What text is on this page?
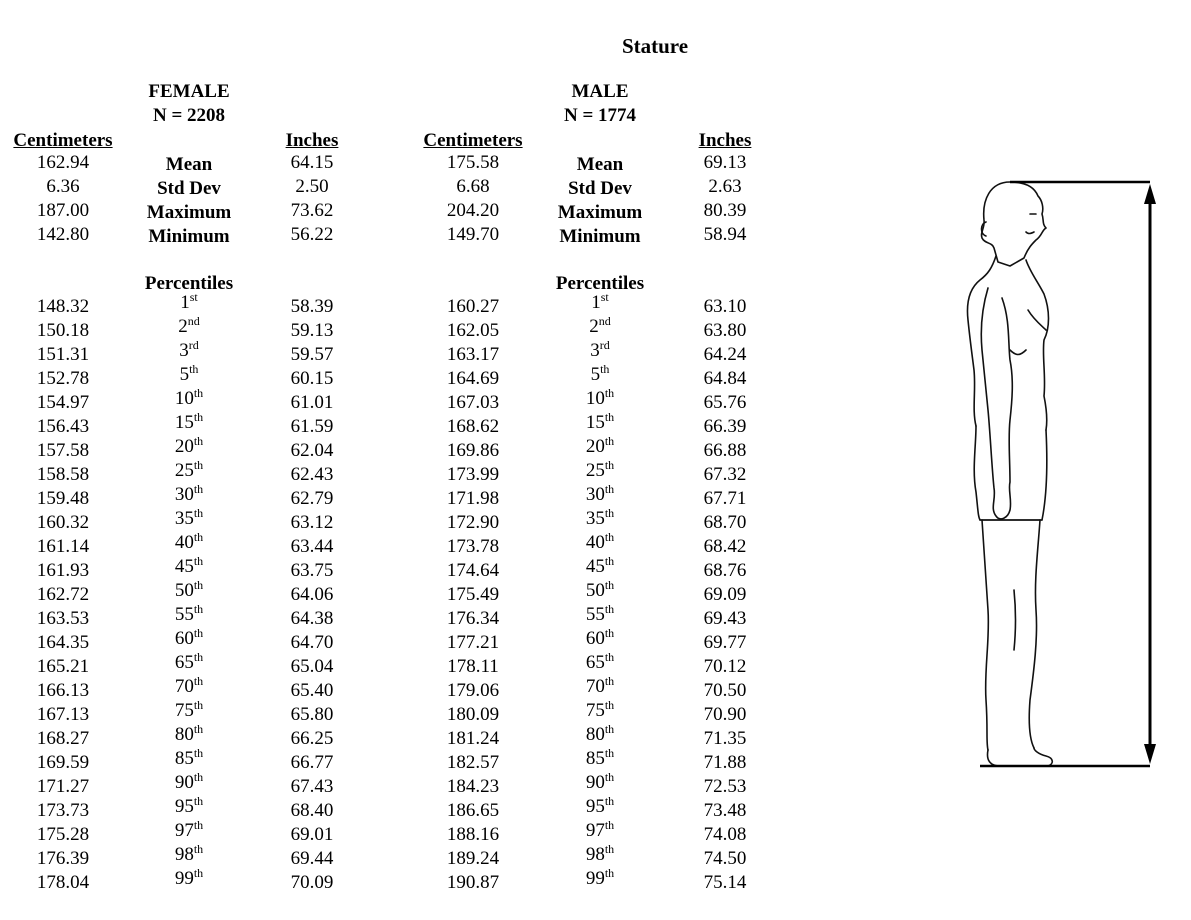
Stature
FEMALE
N = 2208
Centimeters	Inches
162.94	Mean	64.15
6.36	Std Dev	2.50
187.00	Maximum	73.62
142.80	Minimum	56.22
Percentiles
148.32	1st	58.39
150.18	2nd	59.13
151.31	3rd	59.57
152.78	5th	60.15
154.97	10th	61.01
156.43	15th	61.59
157.58	20th	62.04
158.58	25th	62.43
159.48	30th	62.79
160.32	35th	63.12
161.14	40th	63.44
161.93	45th	63.75
162.72	50th	64.06
163.53	55th	64.38
164.35	60th	64.70
165.21	65th	65.04
166.13	70th	65.40
167.13	75th	65.80
168.27	80th	66.25
169.59	85th	66.77
171.27	90th	67.43
173.73	95th	68.40
175.28	97th	69.01
176.39	98th	69.44
178.04	99th	70.09
MALE
N = 1774
Centimeters	Inches
175.58	Mean	69.13
6.68	Std Dev	2.63
204.20	Maximum	80.39
149.70	Minimum	58.94
Percentiles
160.27	1st	63.10
162.05	2nd	63.80
163.17	3rd	64.24
164.69	5th	64.84
167.03	10th	65.76
168.62	15th	66.39
169.86	20th	66.88
173.99	25th	67.32
171.98	30th	67.71
172.90	35th	68.70
173.78	40th	68.42
174.64	45th	68.76
175.49	50th	69.09
176.34	55th	69.43
177.21	60th	69.77
178.11	65th	70.12
179.06	70th	70.50
180.09	75th	70.90
181.24	80th	71.35
182.57	85th	71.88
184.23	90th	72.53
186.65	95th	73.48
188.16	97th	74.08
189.24	98th	74.50
190.87	99th	75.14
